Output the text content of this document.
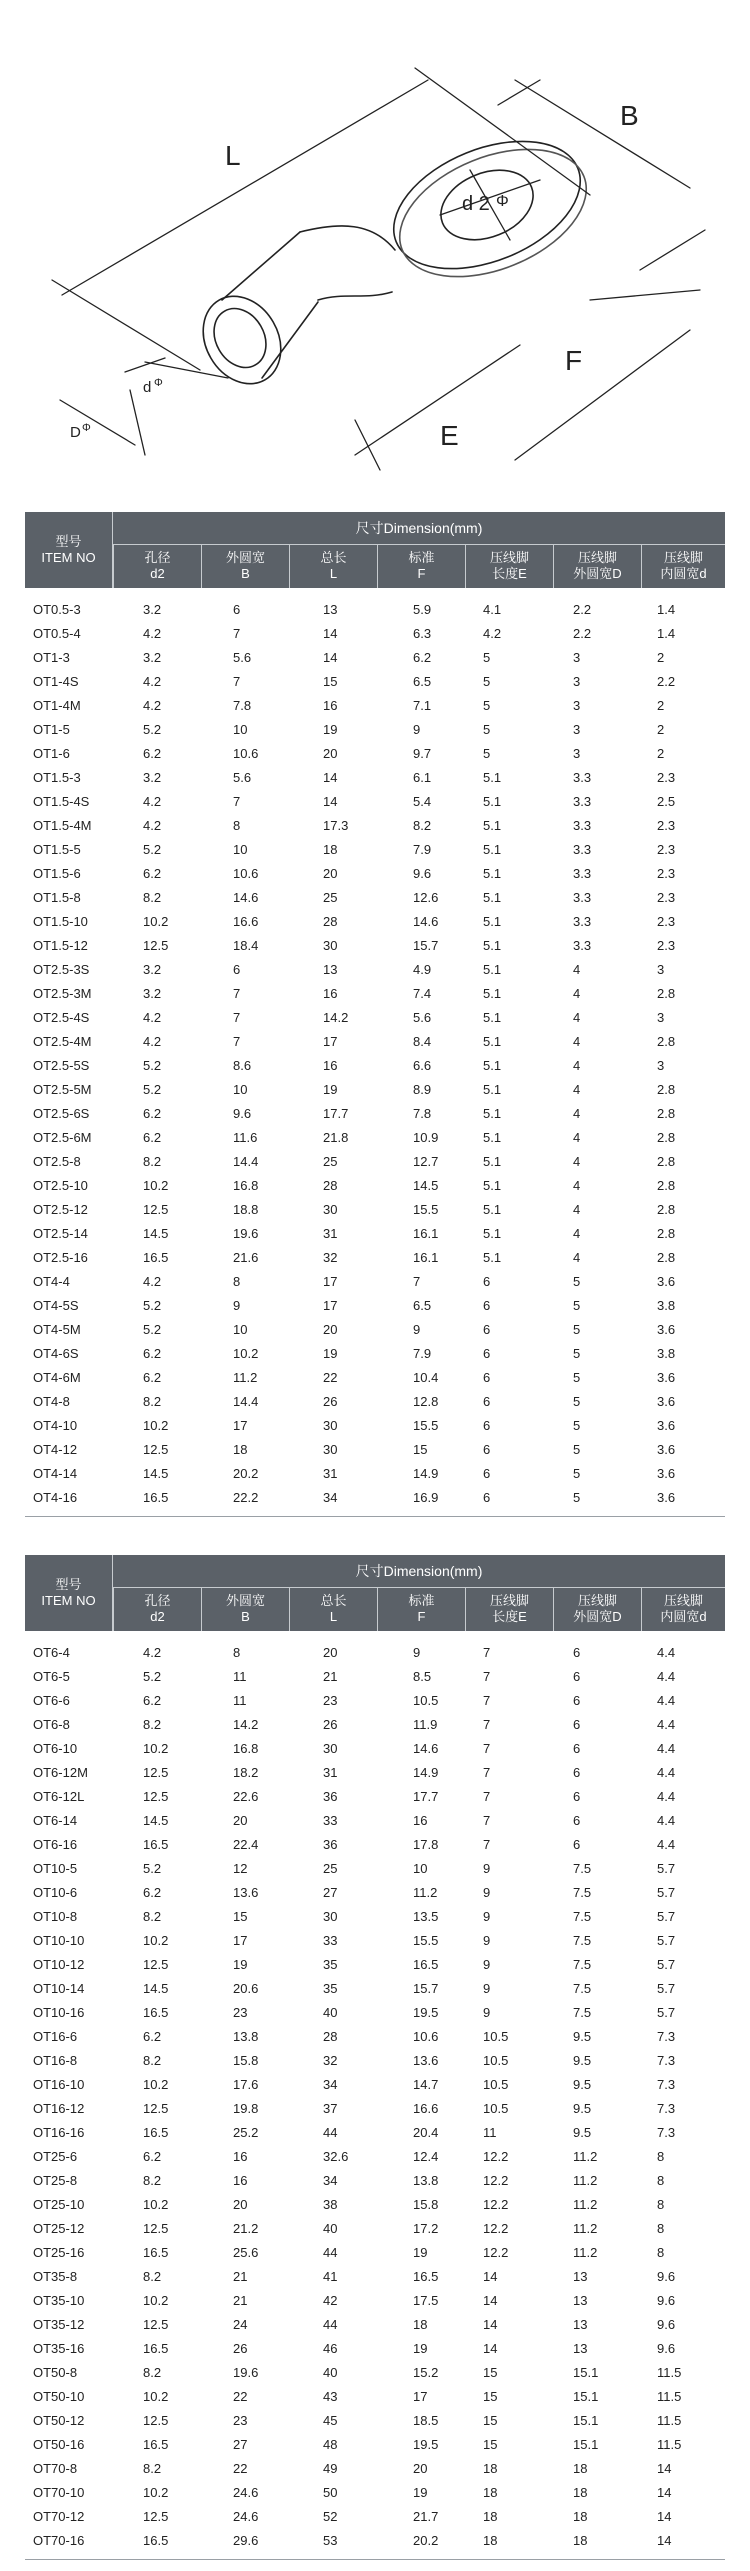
L
B
F
E
d 2 Φ
d Φ
D Φ
型号
ITEM NO
尺寸Dimension(mm)
孔径
d2
外圆宽
B
总长
L
标准
F
压线脚
长度E
压线脚
外圆宽D
压线脚
内圆宽d
OT0.5-3	3.2	6	13	5.9	4.1	2.2	1.4
OT0.5-4	4.2	7	14	6.3	4.2	2.2	1.4
OT1-3	3.2	5.6	14	6.2	5	3	2
OT1-4S	4.2	7	15	6.5	5	3	2.2
OT1-4M	4.2	7.8	16	7.1	5	3	2
OT1-5	5.2	10	19	9	5	3	2
OT1-6	6.2	10.6	20	9.7	5	3	2
OT1.5-3	3.2	5.6	14	6.1	5.1	3.3	2.3
OT1.5-4S	4.2	7	14	5.4	5.1	3.3	2.5
OT1.5-4M	4.2	8	17.3	8.2	5.1	3.3	2.3
OT1.5-5	5.2	10	18	7.9	5.1	3.3	2.3
OT1.5-6	6.2	10.6	20	9.6	5.1	3.3	2.3
OT1.5-8	8.2	14.6	25	12.6	5.1	3.3	2.3
OT1.5-10	10.2	16.6	28	14.6	5.1	3.3	2.3
OT1.5-12	12.5	18.4	30	15.7	5.1	3.3	2.3
OT2.5-3S	3.2	6	13	4.9	5.1	4	3
OT2.5-3M	3.2	7	16	7.4	5.1	4	2.8
OT2.5-4S	4.2	7	14.2	5.6	5.1	4	3
OT2.5-4M	4.2	7	17	8.4	5.1	4	2.8
OT2.5-5S	5.2	8.6	16	6.6	5.1	4	3
OT2.5-5M	5.2	10	19	8.9	5.1	4	2.8
OT2.5-6S	6.2	9.6	17.7	7.8	5.1	4	2.8
OT2.5-6M	6.2	11.6	21.8	10.9	5.1	4	2.8
OT2.5-8	8.2	14.4	25	12.7	5.1	4	2.8
OT2.5-10	10.2	16.8	28	14.5	5.1	4	2.8
OT2.5-12	12.5	18.8	30	15.5	5.1	4	2.8
OT2.5-14	14.5	19.6	31	16.1	5.1	4	2.8
OT2.5-16	16.5	21.6	32	16.1	5.1	4	2.8
OT4-4	4.2	8	17	7	6	5	3.6
OT4-5S	5.2	9	17	6.5	6	5	3.8
OT4-5M	5.2	10	20	9	6	5	3.6
OT4-6S	6.2	10.2	19	7.9	6	5	3.8
OT4-6M	6.2	11.2	22	10.4	6	5	3.6
OT4-8	8.2	14.4	26	12.8	6	5	3.6
OT4-10	10.2	17	30	15.5	6	5	3.6
OT4-12	12.5	18	30	15	6	5	3.6
OT4-14	14.5	20.2	31	14.9	6	5	3.6
OT4-16	16.5	22.2	34	16.9	6	5	3.6
型号
ITEM NO
尺寸Dimension(mm)
孔径
d2
外圆宽
B
总长
L
标准
F
压线脚
长度E
压线脚
外圆宽D
压线脚
内圆宽d
OT6-4	4.2	8	20	9	7	6	4.4
OT6-5	5.2	11	21	8.5	7	6	4.4
OT6-6	6.2	11	23	10.5	7	6	4.4
OT6-8	8.2	14.2	26	11.9	7	6	4.4
OT6-10	10.2	16.8	30	14.6	7	6	4.4
OT6-12M	12.5	18.2	31	14.9	7	6	4.4
OT6-12L	12.5	22.6	36	17.7	7	6	4.4
OT6-14	14.5	20	33	16	7	6	4.4
OT6-16	16.5	22.4	36	17.8	7	6	4.4
OT10-5	5.2	12	25	10	9	7.5	5.7
OT10-6	6.2	13.6	27	11.2	9	7.5	5.7
OT10-8	8.2	15	30	13.5	9	7.5	5.7
OT10-10	10.2	17	33	15.5	9	7.5	5.7
OT10-12	12.5	19	35	16.5	9	7.5	5.7
OT10-14	14.5	20.6	35	15.7	9	7.5	5.7
OT10-16	16.5	23	40	19.5	9	7.5	5.7
OT16-6	6.2	13.8	28	10.6	10.5	9.5	7.3
OT16-8	8.2	15.8	32	13.6	10.5	9.5	7.3
OT16-10	10.2	17.6	34	14.7	10.5	9.5	7.3
OT16-12	12.5	19.8	37	16.6	10.5	9.5	7.3
OT16-16	16.5	25.2	44	20.4	11	9.5	7.3
OT25-6	6.2	16	32.6	12.4	12.2	11.2	8
OT25-8	8.2	16	34	13.8	12.2	11.2	8
OT25-10	10.2	20	38	15.8	12.2	11.2	8
OT25-12	12.5	21.2	40	17.2	12.2	11.2	8
OT25-16	16.5	25.6	44	19	12.2	11.2	8
OT35-8	8.2	21	41	16.5	14	13	9.6
OT35-10	10.2	21	42	17.5	14	13	9.6
OT35-12	12.5	24	44	18	14	13	9.6
OT35-16	16.5	26	46	19	14	13	9.6
OT50-8	8.2	19.6	40	15.2	15	15.1	11.5
OT50-10	10.2	22	43	17	15	15.1	11.5
OT50-12	12.5	23	45	18.5	15	15.1	11.5
OT50-16	16.5	27	48	19.5	15	15.1	11.5
OT70-8	8.2	22	49	20	18	18	14
OT70-10	10.2	24.6	50	19	18	18	14
OT70-12	12.5	24.6	52	21.7	18	18	14
OT70-16	16.5	29.6	53	20.2	18	18	14
